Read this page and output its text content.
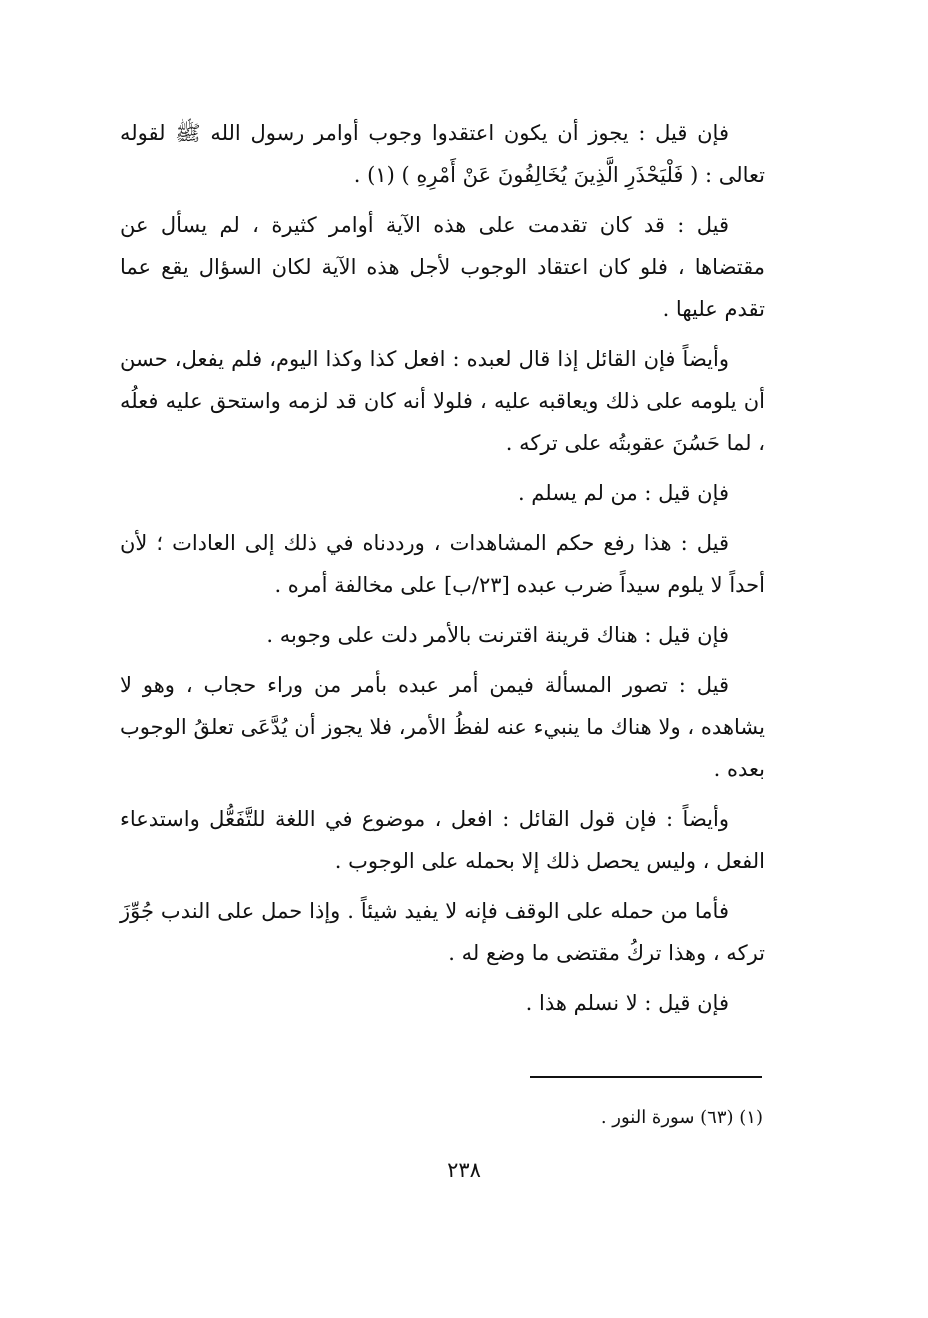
فإن قيل : يجوز أن يكون اعتقدوا وجوب أوامر رسول الله ﷺ لقوله تعالى : ( فَلْيَحْذَرِ الَّذِينَ يُخَالِفُونَ عَنْ أَمْرِهِ ) (١) .

قيل : قد كان تقدمت على هذه الآية أوامر كثيرة ، لم يسأل عن مقتضاها ، فلو كان اعتقاد الوجوب لأجل هذه الآية لكان السؤال يقع عما تقدم عليها .

وأيضاً فإن القائل إذا قال لعبده : افعل كذا وكذا اليوم، فلم يفعل، حسن أن يلومه على ذلك ويعاقبه عليه ، فلولا أنه كان قد لزمه واستحق عليه فعلُه ، لما حَسُنَ عقوبتُه على تركه .

فإن قيل : من لم يسلم .

قيل : هذا رفع حكم المشاهدات ، ورددناه في ذلك إلى العادات ؛ لأن أحداً لا يلوم سيداً ضرب عبده [٢٣/ب] على مخالفة أمره .

فإن قيل : هناك قرينة اقترنت بالأمر دلت على وجوبه .

قيل : تصور المسألة فيمن أمر عبده بأمر من وراء حجاب ، وهو لا يشاهده ، ولا هناك ما ينبيء عنه لفظُ الأمر، فلا يجوز أن يُدَّعَى تعلقُ الوجوب بعده .

وأيضاً : فإن قول القائل : افعل ، موضوع في اللغة للتَّفَعُّل واستدعاء الفعل ، وليس يحصل ذلك إلا بحمله على الوجوب .

فأما من حمله على الوقف فإنه لا يفيد شيئاً . وإذا حمل على الندب جُوِّزَ تركه ، وهذا تركُ مقتضى ما وضع له .

فإن قيل : لا نسلم هذا .

(١) (٦٣) سورة النور .
٢٣٨
